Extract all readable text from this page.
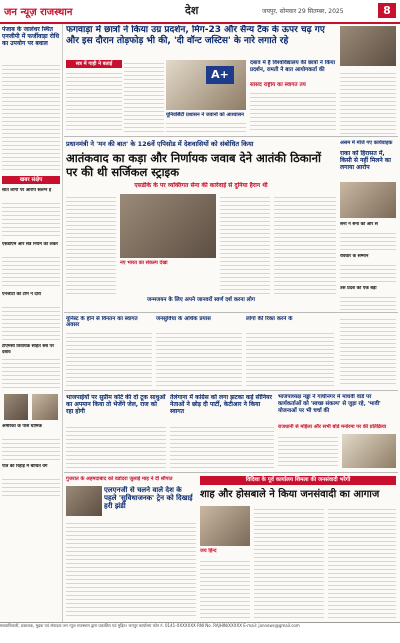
जन न्यूज़ राजस्थान	देश	जयपुर, सोमवार 29 सितम्बर, 2025	8
पंजाब के जालंधर स्थित एनजीपी में फर्जीवाड़ा रोधि का उपयोग पर बवाल
खबर संक्षेप
सात लोगों पर आरोप सलग्न हैं
एसडीएम और सत्र नियम को लेकर
एनजीटी की टीम ने दौरा
टीएमसी विधायक सहित सब पर दबाव
अमेरिका के पास धार्मिक
पति की रिहाई में बाधित वर्ग
फगवाड़ा में छात्रों ने किया उग्र प्रदर्शन, मिग-23 और सैन्य टैंक के ऊपर चढ़ गए और इस दौरान तोड़फोड़ भी की, 'दी वॉन्ट जस्टिस' के नारे लगाते रहे
सत्र में गाही ने बताई
A+
यूनिवर्सिटी प्रशासन ने जवानों को आश्वासन
दबाव में है विश्वविद्यालय की छात्रों ने किया प्रदर्शन, रामती ने बात आयोगकर्ता की
सांसद राष्ट्रीय का स्वागत तय
प्रधानमंत्री ने 'मन की बात' के 126वें एपिसोड में देशवासियों को संबोधित किया
आतंकवाद का कड़ा और निर्णायक जवाब देने आतंकी ठिकानों पर की थी सर्जिकल स्ट्राइक
एसडीके के पर व्यक्तिगत सेना की कार्रवाई से दुनिया हैरान थी
नए भारत का संकल्प देखा
जन्मजयन के लिए अपने जानवरों स्वर्ण दर्श करना लोग
असम में मोजे गए कार्यवाहक
राका को हिरासत में, किसी से नहीं मिलने का लगाया आरोप
सेना ने सेना की ओर से
रविवार के सम्मान
उस प्रदेश की एक बड़ी
यूनिस्ट के होने से विनतन का स्वागत अवसर
जनसुविधा के अधिक प्रयास	लोगों की रिक्त करने के
भाजपाईयों पर सुप्रीम कोर्ट की दो टूक साधुओं का अपमान किया तो भेजेंगे जेल, राज को रहा होगी
तेलंगाना में कांग्रेस को लगा झटका कई सीनियर नेताओं ने छोड़ दी पार्टी, केटीआर ने किया स्वागत
भाजपाध्यक्ष नड्डा ने गांधीनगर में माधवी वार्ड पर कार्यकर्ताओं को 'स्वच्छ संकल्प' से जुड़ा रहे, 'भावी' योजनाओं पर भी चर्चा की
राजधानी से महिला और सभी बोर्ड मनोरमा पर की प्रतिक्रिया
गुजरात के अहमदाबाद को वडोदरा जुलाई माह ने दी सौगात
एलएनजी से चलने वाले देश के पहले 'सुविधाजनक' ट्रेन को दिखाई हरी झंडी
विदिशा के पूर्व कार्यालय शिमला की जनसंवादी भरेगी
शाह और होसबाले ने किया जनसंवादी का आगाज
जय हिन्द
स्वत्वाधिकारी, प्रकाशक, मुद्रक एवं संपादक जन न्यूज़ राजस्थान द्वारा प्रकाशित एवं मुद्रित। जयपुर कार्यालय फोन नं. 0141-XXXXXXX RNI No. RAJHIN/XXXXX E-mail: jannews@gmail.com
